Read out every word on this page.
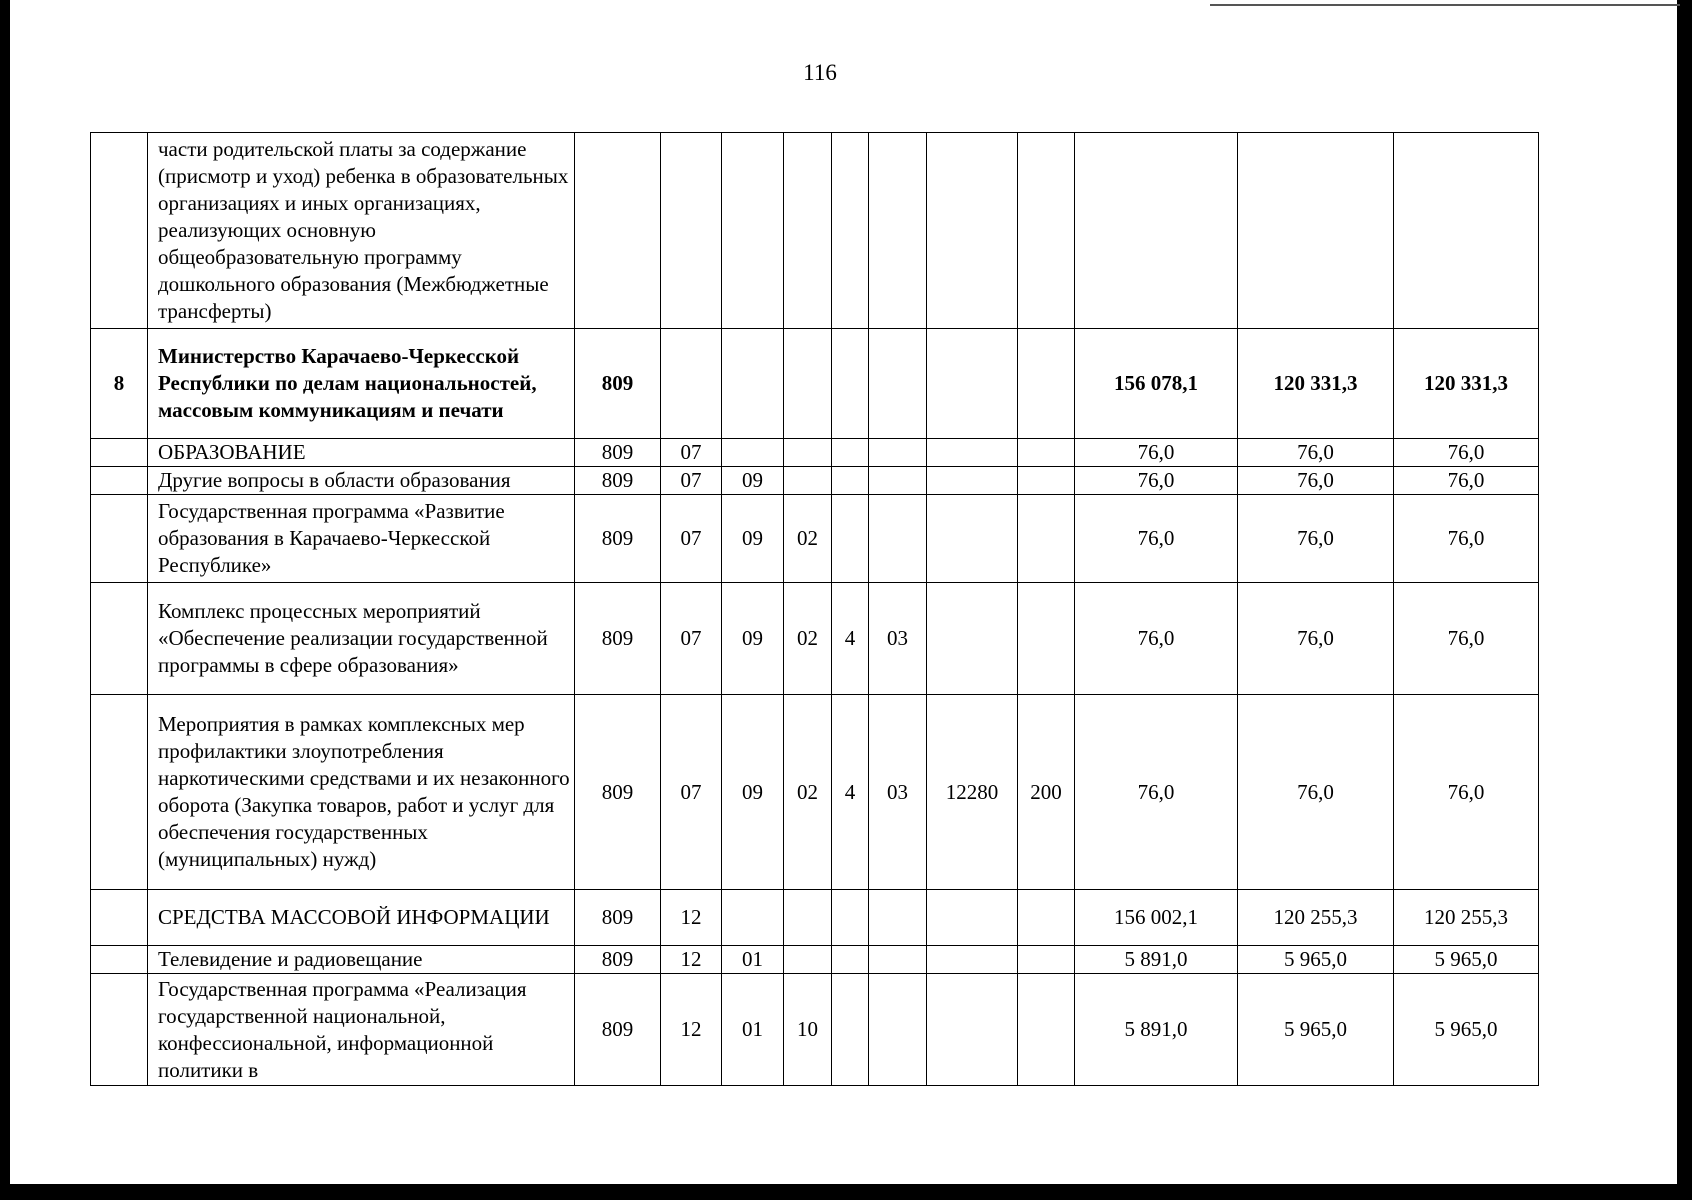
116
	части родительской платы за содержание (присмотр и уход) ребенка в образовательных организациях и иных организациях, реализующих основную общеобразовательную программу дошкольного образования (Межбюджетные трансферты)											
8	Министерство Карачаево-Черкесской Республики по делам национальностей, массовым коммуникациям и печати	809								156 078,1	120 331,3	120 331,3
	ОБРАЗОВАНИЕ	809	07							76,0	76,0	76,0
	Другие вопросы в области образования	809	07	09						76,0	76,0	76,0
	Государственная программа «Развитие образования в Карачаево-Черкесской Республике»	809	07	09	02					76,0	76,0	76,0
	Комплекс процессных мероприятий «Обеспечение реализации государственной программы в сфере образования»	809	07	09	02	4	03			76,0	76,0	76,0
	Мероприятия в рамках комплексных мер профилактики злоупотребления наркотическими средствами и их незаконного оборота (Закупка товаров, работ и услуг для обеспечения государственных (муниципальных) нужд)	809	07	09	02	4	03	12280	200	76,0	76,0	76,0
	СРЕДСТВА МАССОВОЙ ИНФОРМАЦИИ	809	12							156 002,1	120 255,3	120 255,3
	Телевидение и радиовещание	809	12	01						5 891,0	5 965,0	5 965,0
	Государственная программа «Реализация государственной национальной, конфессиональной, информационной политики в	809	12	01	10					5 891,0	5 965,0	5 965,0
